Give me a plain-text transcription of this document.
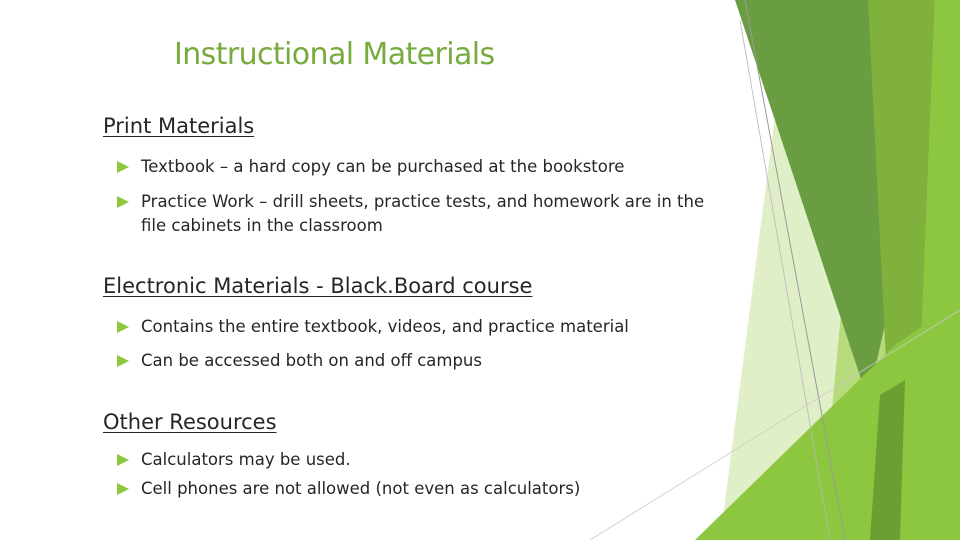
Instructional Materials
Print Materials
Textbook – a hard copy can be purchased at the bookstore
Practice Work – drill sheets, practice tests, and homework are in the file cabinets in the classroom
Electronic Materials - Black.Board course
Contains the entire textbook, videos, and practice material
Can be accessed both on and off campus
Other Resources
Calculators may be used.
Cell phones are not allowed (not even as calculators)
